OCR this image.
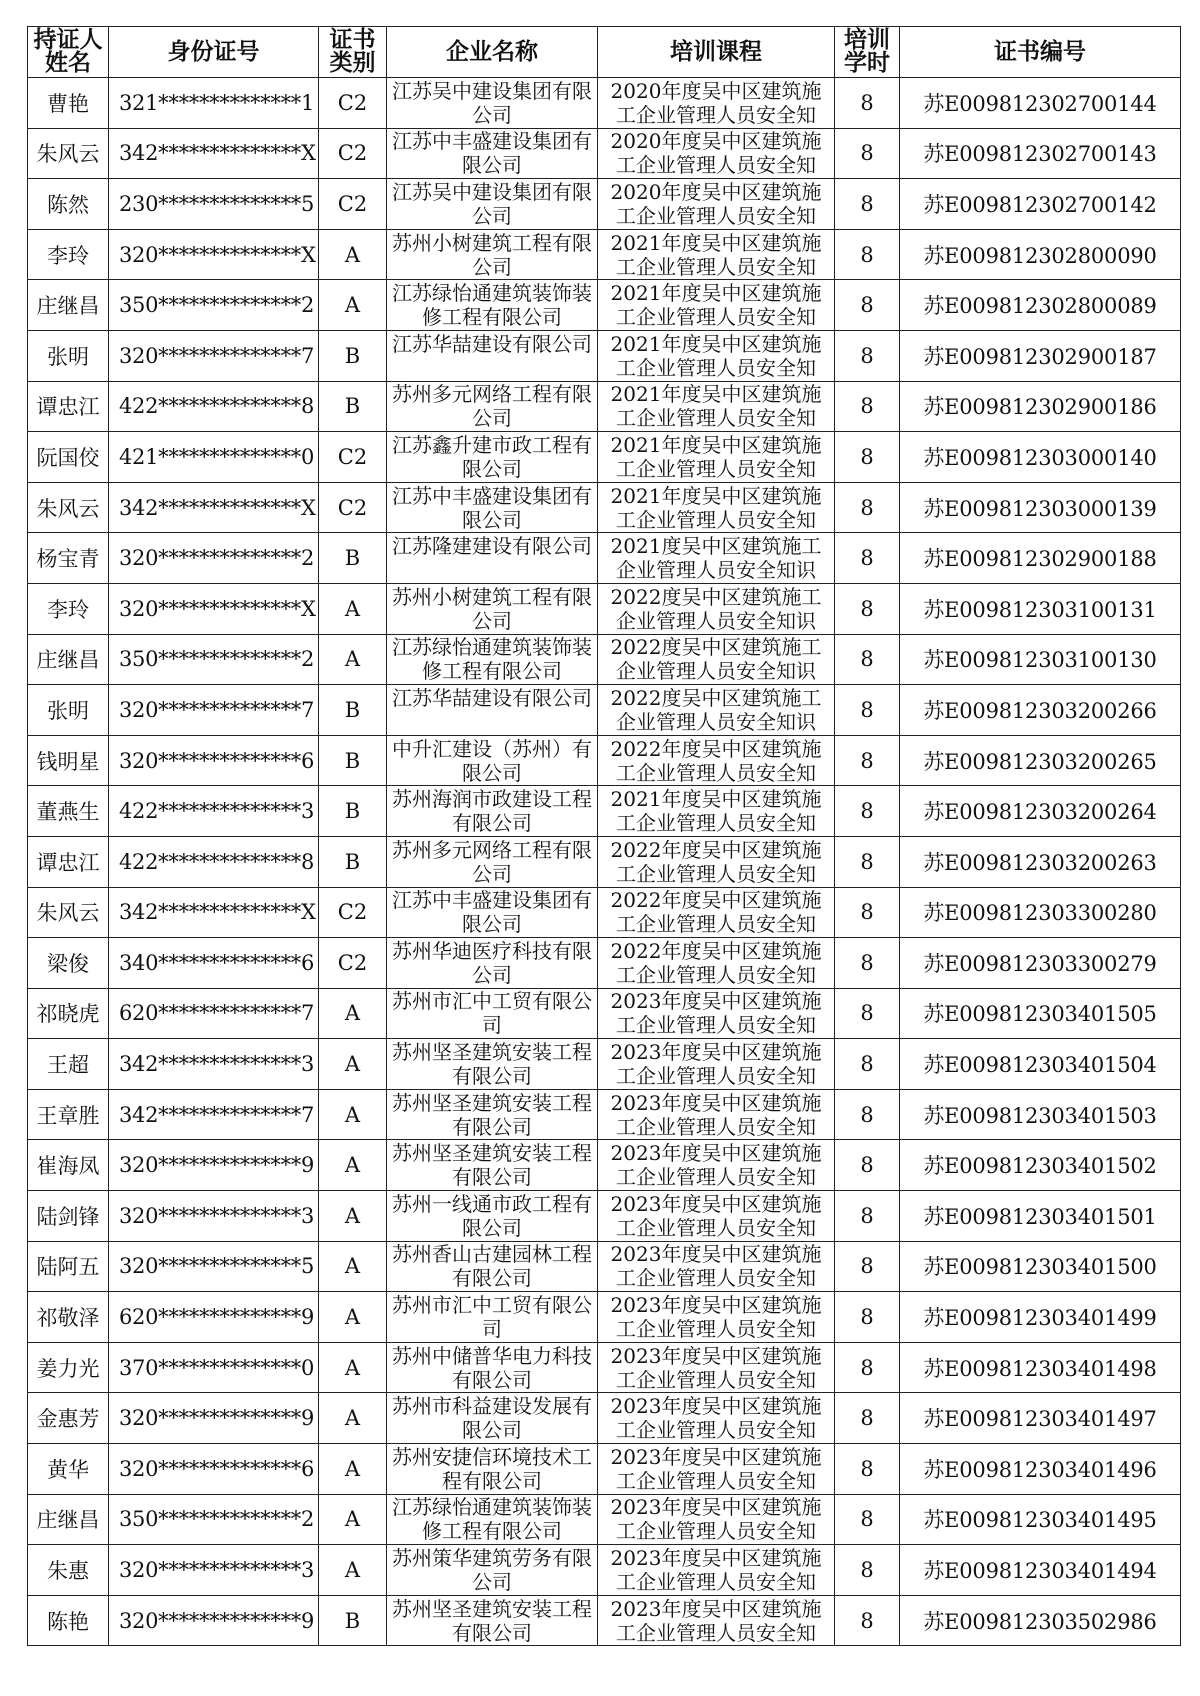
持证人姓名	身份证号	证书类别	企业名称	培训课程	培训学时	证书编号
曹艳	321**************1	C2	江苏吴中建设集团有限公司	2020年度吴中区建筑施工企业管理人员安全知	8	苏E009812302700144
朱风云	342**************X	C2	江苏中丰盛建设集团有限公司	2020年度吴中区建筑施工企业管理人员安全知	8	苏E009812302700143
陈然	230**************5	C2	江苏吴中建设集团有限公司	2020年度吴中区建筑施工企业管理人员安全知	8	苏E009812302700142
李玲	320**************X	A	苏州小树建筑工程有限公司	2021年度吴中区建筑施工企业管理人员安全知	8	苏E009812302800090
庄继昌	350**************2	A	江苏绿怡通建筑装饰装修工程有限公司	2021年度吴中区建筑施工企业管理人员安全知	8	苏E009812302800089
张明	320**************7	B	江苏华喆建设有限公司	2021年度吴中区建筑施工企业管理人员安全知	8	苏E009812302900187
谭忠江	422**************8	B	苏州多元网络工程有限公司	2021年度吴中区建筑施工企业管理人员安全知	8	苏E009812302900186
阮国佼	421**************0	C2	江苏鑫升建市政工程有限公司	2021年度吴中区建筑施工企业管理人员安全知	8	苏E009812303000140
朱风云	342**************X	C2	江苏中丰盛建设集团有限公司	2021年度吴中区建筑施工企业管理人员安全知	8	苏E009812303000139
杨宝青	320**************2	B	江苏隆建建设有限公司	2021度吴中区建筑施工企业管理人员安全知识	8	苏E009812302900188
李玲	320**************X	A	苏州小树建筑工程有限公司	2022度吴中区建筑施工企业管理人员安全知识	8	苏E009812303100131
庄继昌	350**************2	A	江苏绿怡通建筑装饰装修工程有限公司	2022度吴中区建筑施工企业管理人员安全知识	8	苏E009812303100130
张明	320**************7	B	江苏华喆建设有限公司	2022度吴中区建筑施工企业管理人员安全知识	8	苏E009812303200266
钱明星	320**************6	B	中升汇建设（苏州）有限公司	2022年度吴中区建筑施工企业管理人员安全知	8	苏E009812303200265
董燕生	422**************3	B	苏州海润市政建设工程有限公司	2021年度吴中区建筑施工企业管理人员安全知	8	苏E009812303200264
谭忠江	422**************8	B	苏州多元网络工程有限公司	2022年度吴中区建筑施工企业管理人员安全知	8	苏E009812303200263
朱风云	342**************X	C2	江苏中丰盛建设集团有限公司	2022年度吴中区建筑施工企业管理人员安全知	8	苏E009812303300280
梁俊	340**************6	C2	苏州华迪医疗科技有限公司	2022年度吴中区建筑施工企业管理人员安全知	8	苏E009812303300279
祁晓虎	620**************7	A	苏州市汇中工贸有限公司	2023年度吴中区建筑施工企业管理人员安全知	8	苏E009812303401505
王超	342**************3	A	苏州坚圣建筑安装工程有限公司	2023年度吴中区建筑施工企业管理人员安全知	8	苏E009812303401504
王章胜	342**************7	A	苏州坚圣建筑安装工程有限公司	2023年度吴中区建筑施工企业管理人员安全知	8	苏E009812303401503
崔海凤	320**************9	A	苏州坚圣建筑安装工程有限公司	2023年度吴中区建筑施工企业管理人员安全知	8	苏E009812303401502
陆剑锋	320**************3	A	苏州一线通市政工程有限公司	2023年度吴中区建筑施工企业管理人员安全知	8	苏E009812303401501
陆阿五	320**************5	A	苏州香山古建园林工程有限公司	2023年度吴中区建筑施工企业管理人员安全知	8	苏E009812303401500
祁敬泽	620**************9	A	苏州市汇中工贸有限公司	2023年度吴中区建筑施工企业管理人员安全知	8	苏E009812303401499
姜力光	370**************0	A	苏州中储普华电力科技有限公司	2023年度吴中区建筑施工企业管理人员安全知	8	苏E009812303401498
金惠芳	320**************9	A	苏州市科益建设发展有限公司	2023年度吴中区建筑施工企业管理人员安全知	8	苏E009812303401497
黄华	320**************6	A	苏州安捷信环境技术工程有限公司	2023年度吴中区建筑施工企业管理人员安全知	8	苏E009812303401496
庄继昌	350**************2	A	江苏绿怡通建筑装饰装修工程有限公司	2023年度吴中区建筑施工企业管理人员安全知	8	苏E009812303401495
朱惠	320**************3	A	苏州策华建筑劳务有限公司	2023年度吴中区建筑施工企业管理人员安全知	8	苏E009812303401494
陈艳	320**************9	B	苏州坚圣建筑安装工程有限公司	2023年度吴中区建筑施工企业管理人员安全知	8	苏E009812303502986
